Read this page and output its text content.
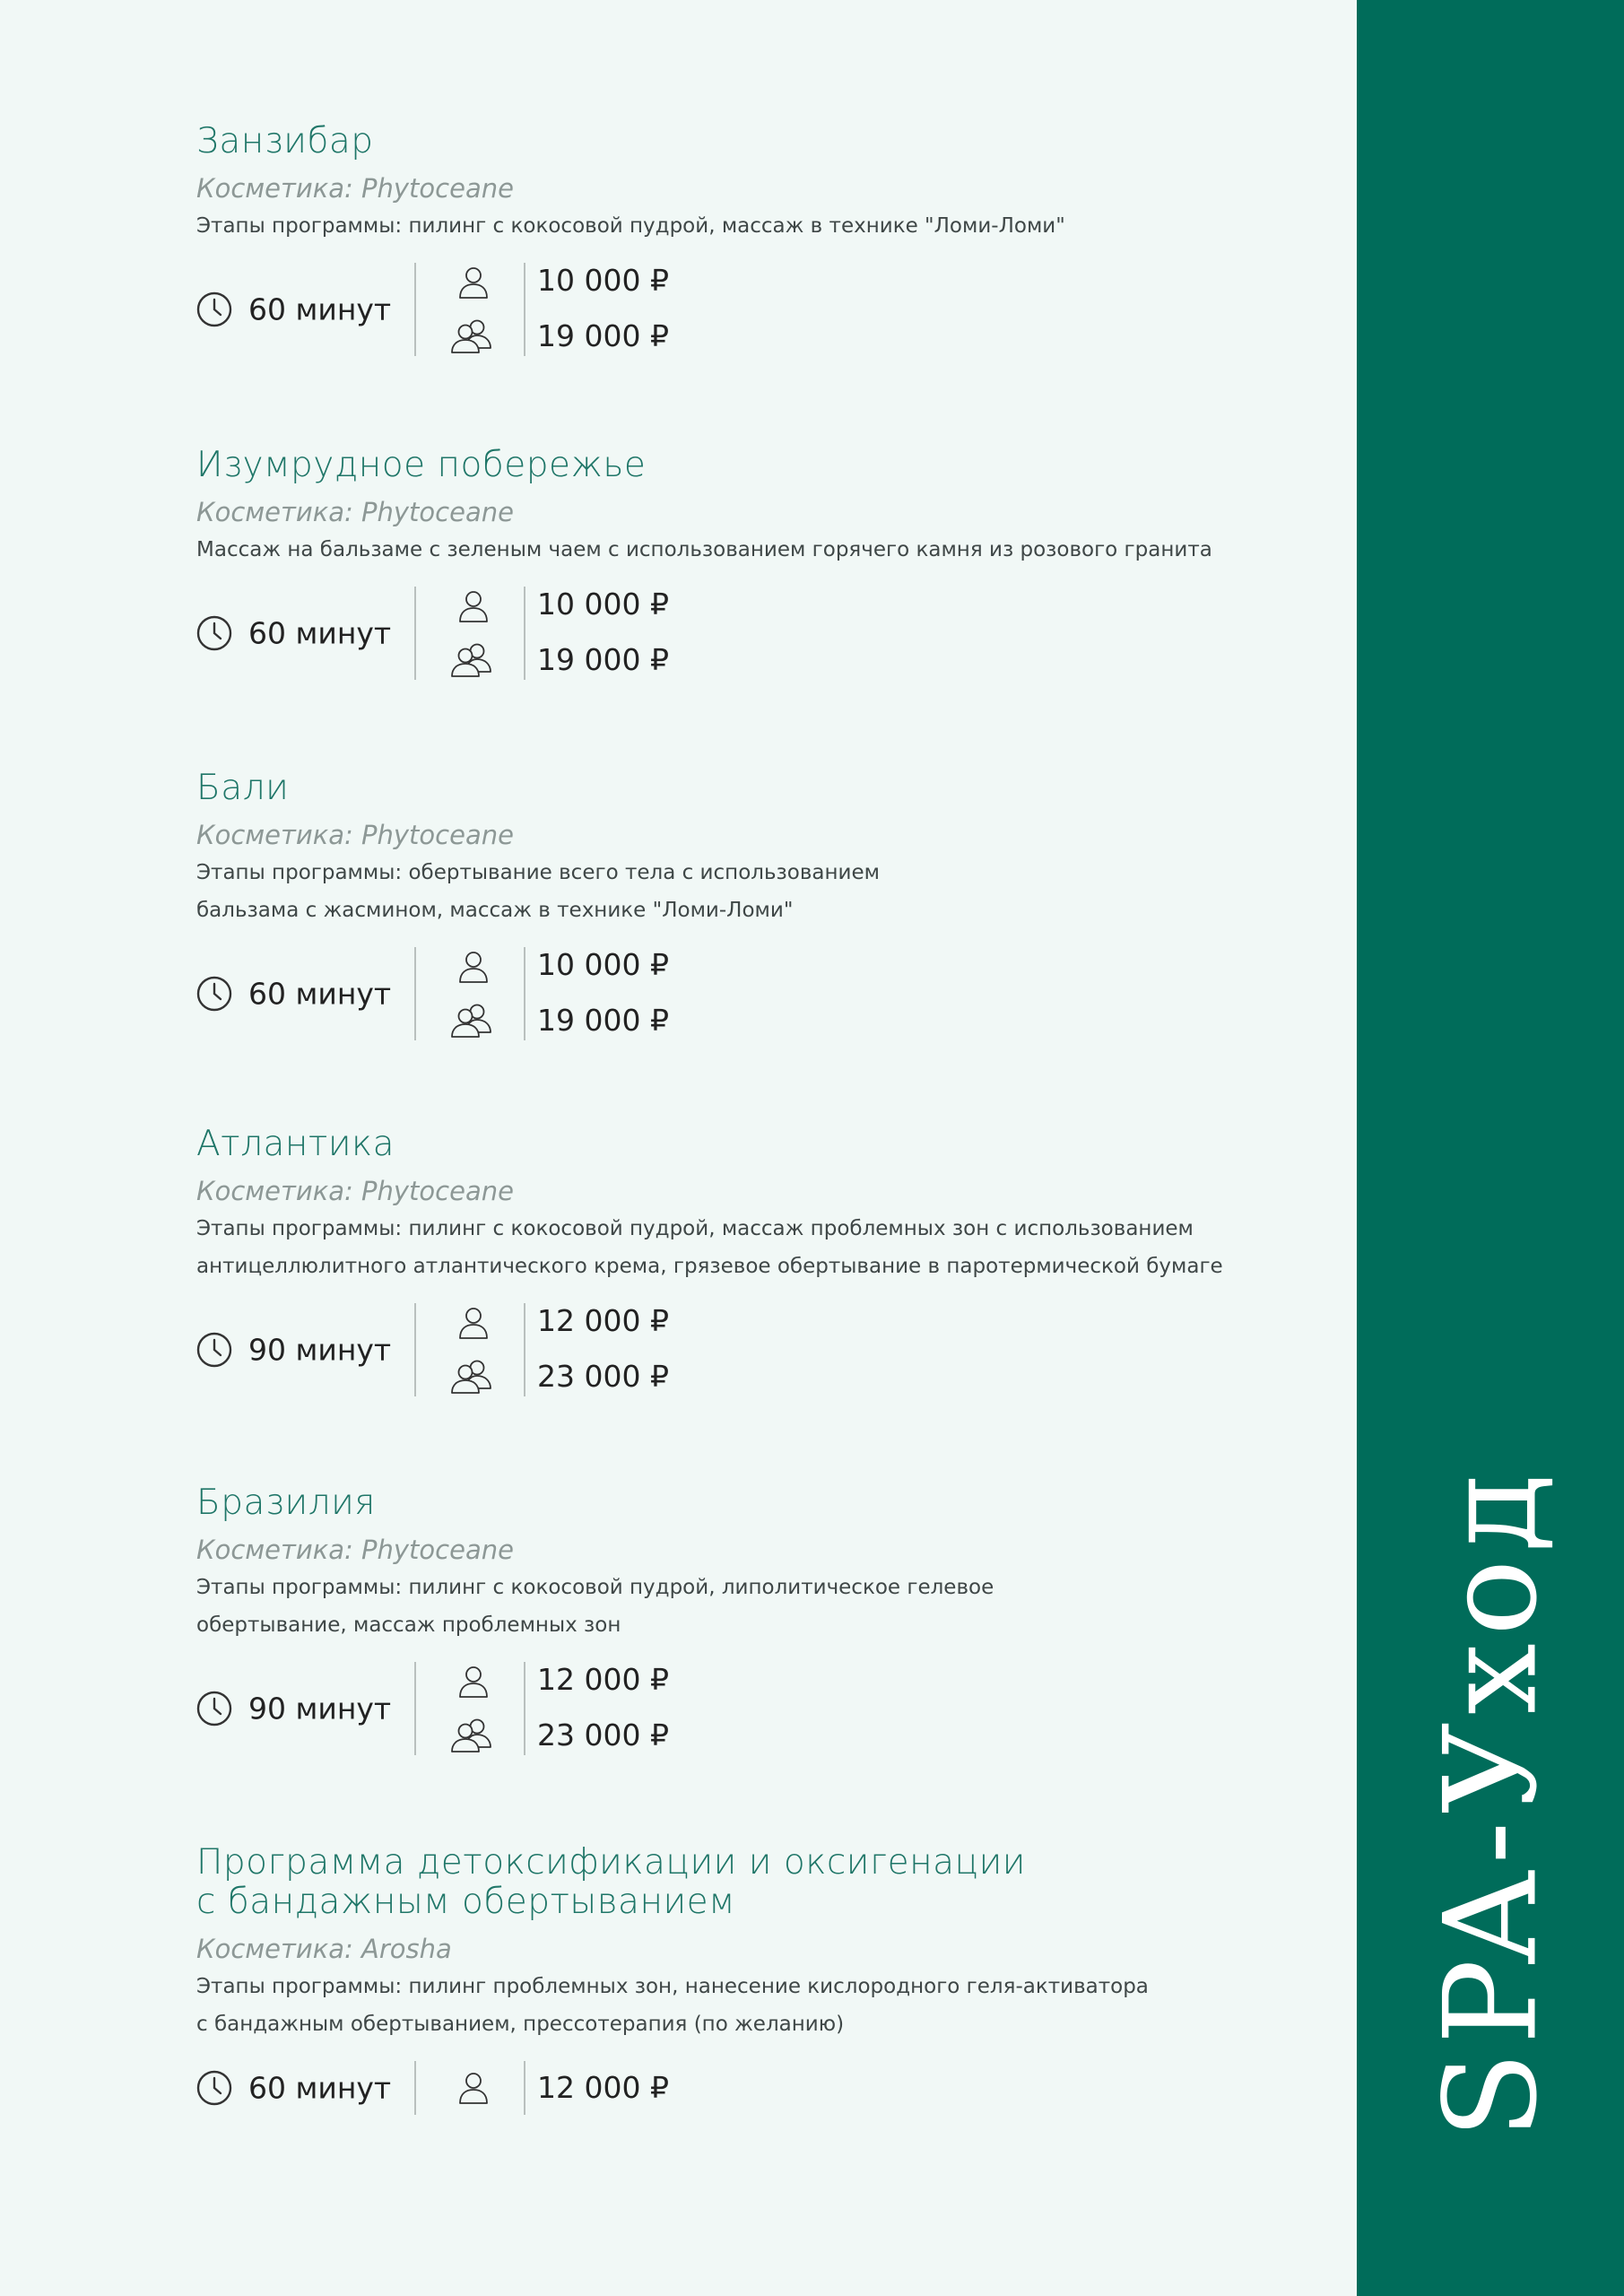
SPA-Уход
Занзибар
Косметика: Phytoceane
Этапы программы: пилинг с кокосовой пудрой, массаж в технике "Ломи-Ломи"
60 минут
10 000 ₽
19 000 ₽
Изумрудное побережье
Косметика: Phytoceane
Массаж на бальзаме с зеленым чаем с использованием горячего камня из розового гранита
60 минут
10 000 ₽
19 000 ₽
Бали
Косметика: Phytoceane
Этапы программы: обертывание всего тела с использованием
бальзама с жасмином, массаж в технике "Ломи-Ломи"
60 минут
10 000 ₽
19 000 ₽
Атлантика
Косметика: Phytoceane
Этапы программы: пилинг с кокосовой пудрой, массаж проблемных зон с использованием
антицеллюлитного атлантического крема, грязевое обертывание в паротермической бумаге
90 минут
12 000 ₽
23 000 ₽
Бразилия
Косметика: Phytoceane
Этапы программы: пилинг с кокосовой пудрой, липолитическое гелевое
обертывание, массаж проблемных зон
90 минут
12 000 ₽
23 000 ₽
Программа детоксификации и оксигенации
с бандажным обертыванием
Косметика: Arosha
Этапы программы: пилинг проблемных зон, нанесение кислородного геля-активатора
с бандажным обертыванием, прессотерапия (по желанию)
60 минут	12 000 ₽
